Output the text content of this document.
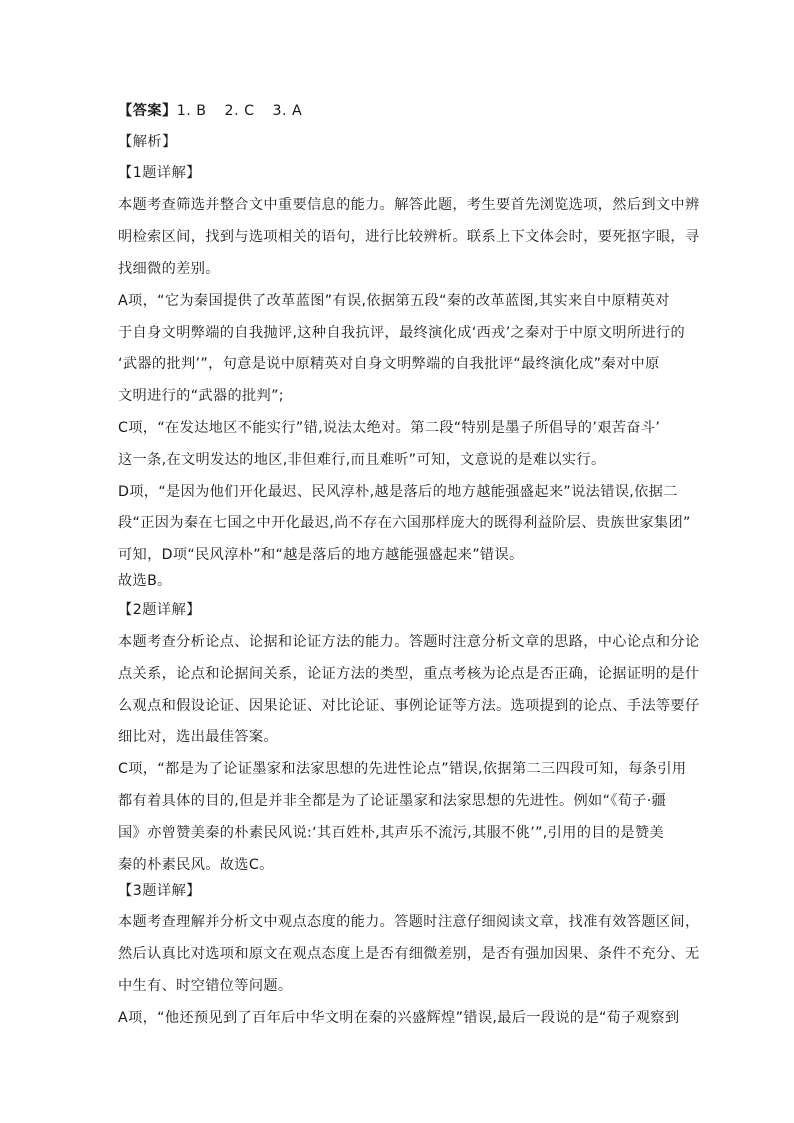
【答案】1. B 2. C 3. A
【解析】
【1题详解】
本题考查筛选并整合文中重要信息的能力。解答此题，考生要首先浏览选项，然后到文中辨
明检索区间，找到与选项相关的语句，进行比较辨析。联系上下文体会时，要死抠字眼，寻
找细微的差别。
A项，“它为秦国提供了改革蓝图”有误,依据第五段“秦的改革蓝图,其实来自中原精英对
于自身文明弊端的自我抛评,这种自我抗评，最终演化成‘西戎’之秦对于中原文明所进行的
‘武器的批判’”，句意是说中原精英对自身文明弊端的自我批评“最终演化成”秦对中原
文明进行的“武器的批判”;
C项，“在发达地区不能实行”错,说法太绝对。第二段“特别是墨子所倡导的’艰苦奋斗’
这一条,在文明发达的地区,非但难行,而且难听”可知，文意说的是难以实行。
D项，“是因为他们开化最迟、民风淳朴,越是落后的地方越能强盛起来”说法错误,依据二
段“正因为秦在七国之中开化最迟,尚不存在六国那样庞大的既得利益阶层、贵族世家集团”
可知，D项“民风淳朴”和“越是落后的地方越能强盛起来”错误。
故选B。
【2题详解】
本题考查分析论点、论据和论证方法的能力。答题时注意分析文章的思路，中心论点和分论
点关系，论点和论据间关系，论证方法的类型，重点考核为论点是否正确，论据证明的是什
么观点和假设论证、因果论证、对比论证、事例论证等方法。选项提到的论点、手法等要仔
细比对，选出最佳答案。
C项，“都是为了论证墨家和法家思想的先进性论点”错误,依据第二三四段可知，每条引用
都有着具体的目的,但是并非全都是为了论证墨家和法家思想的先进性。例如“《荀子·疆
国》亦曾赞美秦的朴素民风说:‘其百姓朴,其声乐不流污,其服不佻’”,引用的目的是赞美
秦的朴素民风。故选C。
【3题详解】
本题考查理解并分析文中观点态度的能力。答题时注意仔细阅读文章，找准有效答题区间，
然后认真比对选项和原文在观点态度上是否有细微差别，是否有强加因果、条件不充分、无
中生有、时空错位等问题。
A项，“他还预见到了百年后中华文明在秦的兴盛辉煌”错误,最后一段说的是“荀子观察到
